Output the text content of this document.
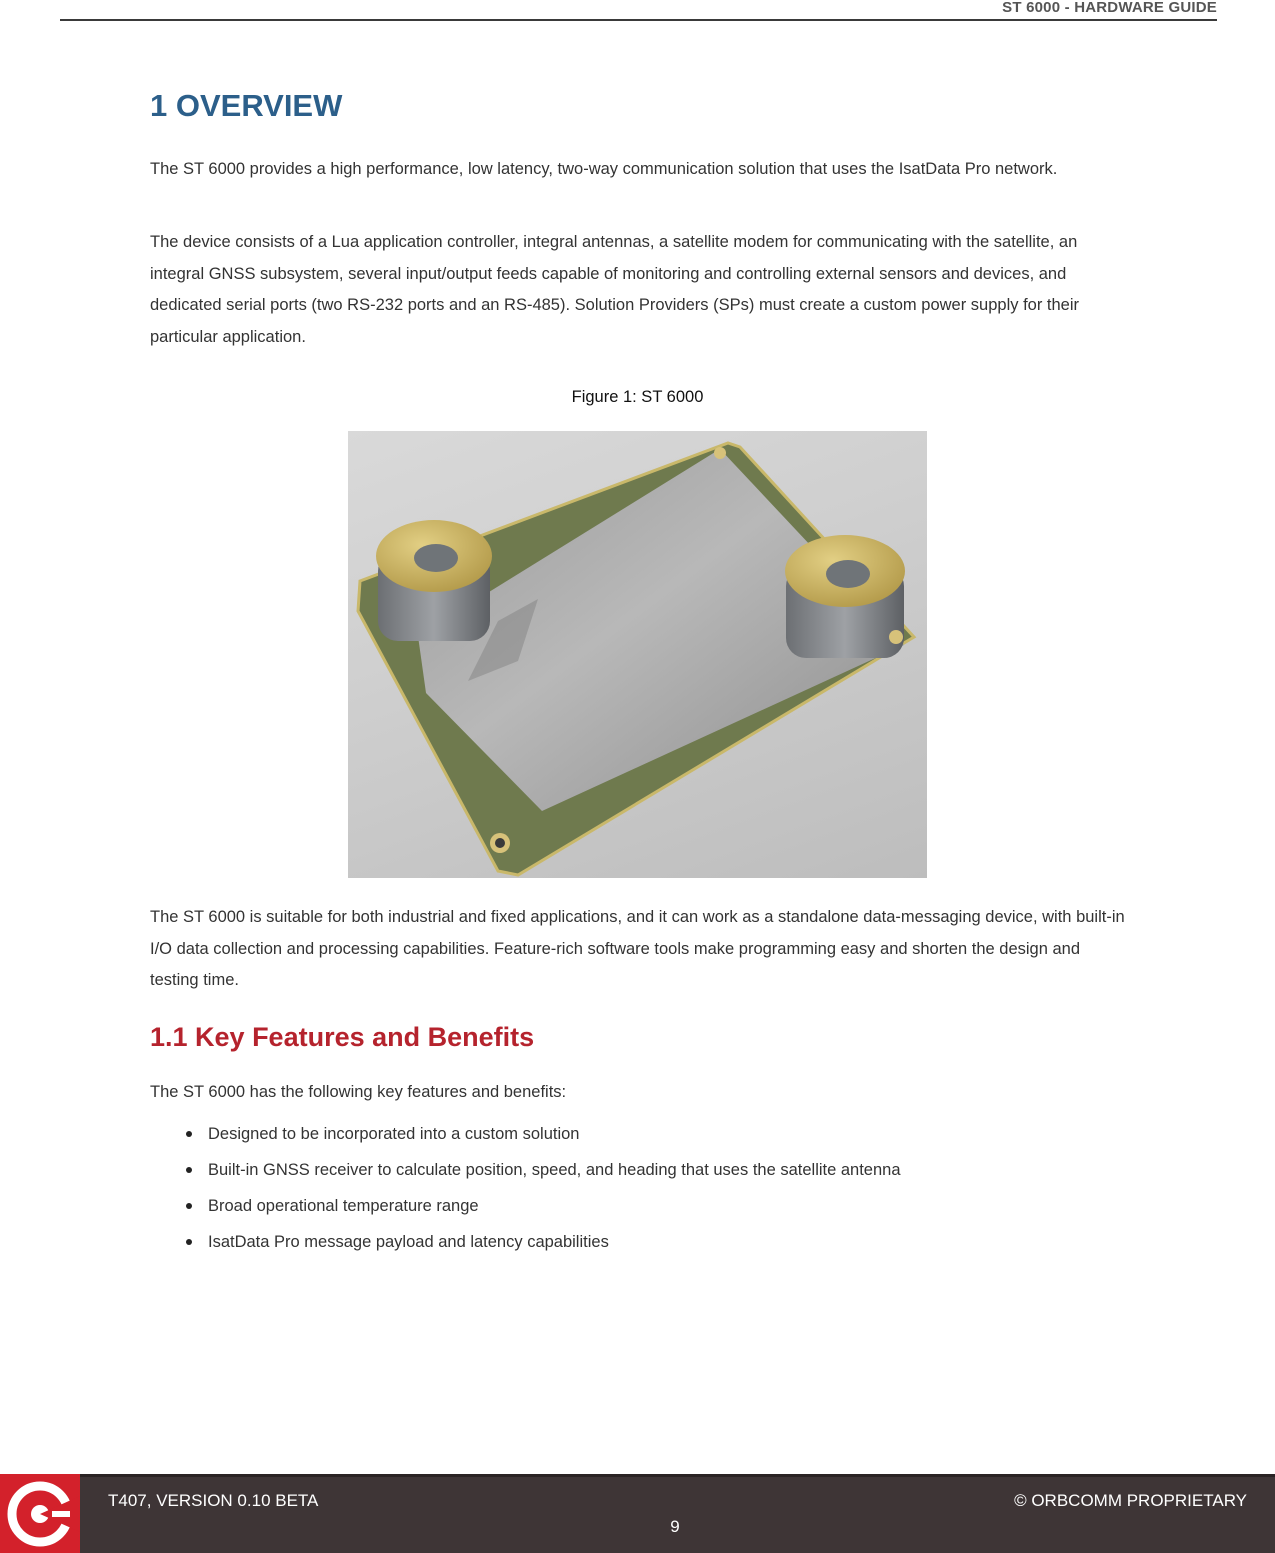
ST 6000 - HARDWARE GUIDE
1 OVERVIEW

The ST 6000 provides a high performance, low latency, two-way communication solution that uses the IsatData Pro network.

The device consists of a Lua application controller, integral antennas, a satellite modem for communicating with the satellite, an integral GNSS subsystem, several input/output feeds capable of monitoring and controlling external sensors and devices, and dedicated serial ports (two RS-232 ports and an RS-485). Solution Providers (SPs) must create a custom power supply for their particular application.

The ST 6000 is suitable for both industrial and fixed applications, and it can work as a standalone data-messaging device, with built-in I/O data collection and processing capabilities. Feature-rich software tools make programming easy and shorten the design and testing time.

1.1 Key Features and Benefits

The ST 6000 has the following key features and benefits:

Designed to be incorporated into a custom solution
Built-in GNSS receiver to calculate position, speed, and heading that uses the satellite antenna
Broad operational temperature range
IsatData Pro message payload and latency capabilities

Figure 1: ST 6000

T407, VERSION 0.10 BETA	© ORBCOMM PROPRIETARY
9
